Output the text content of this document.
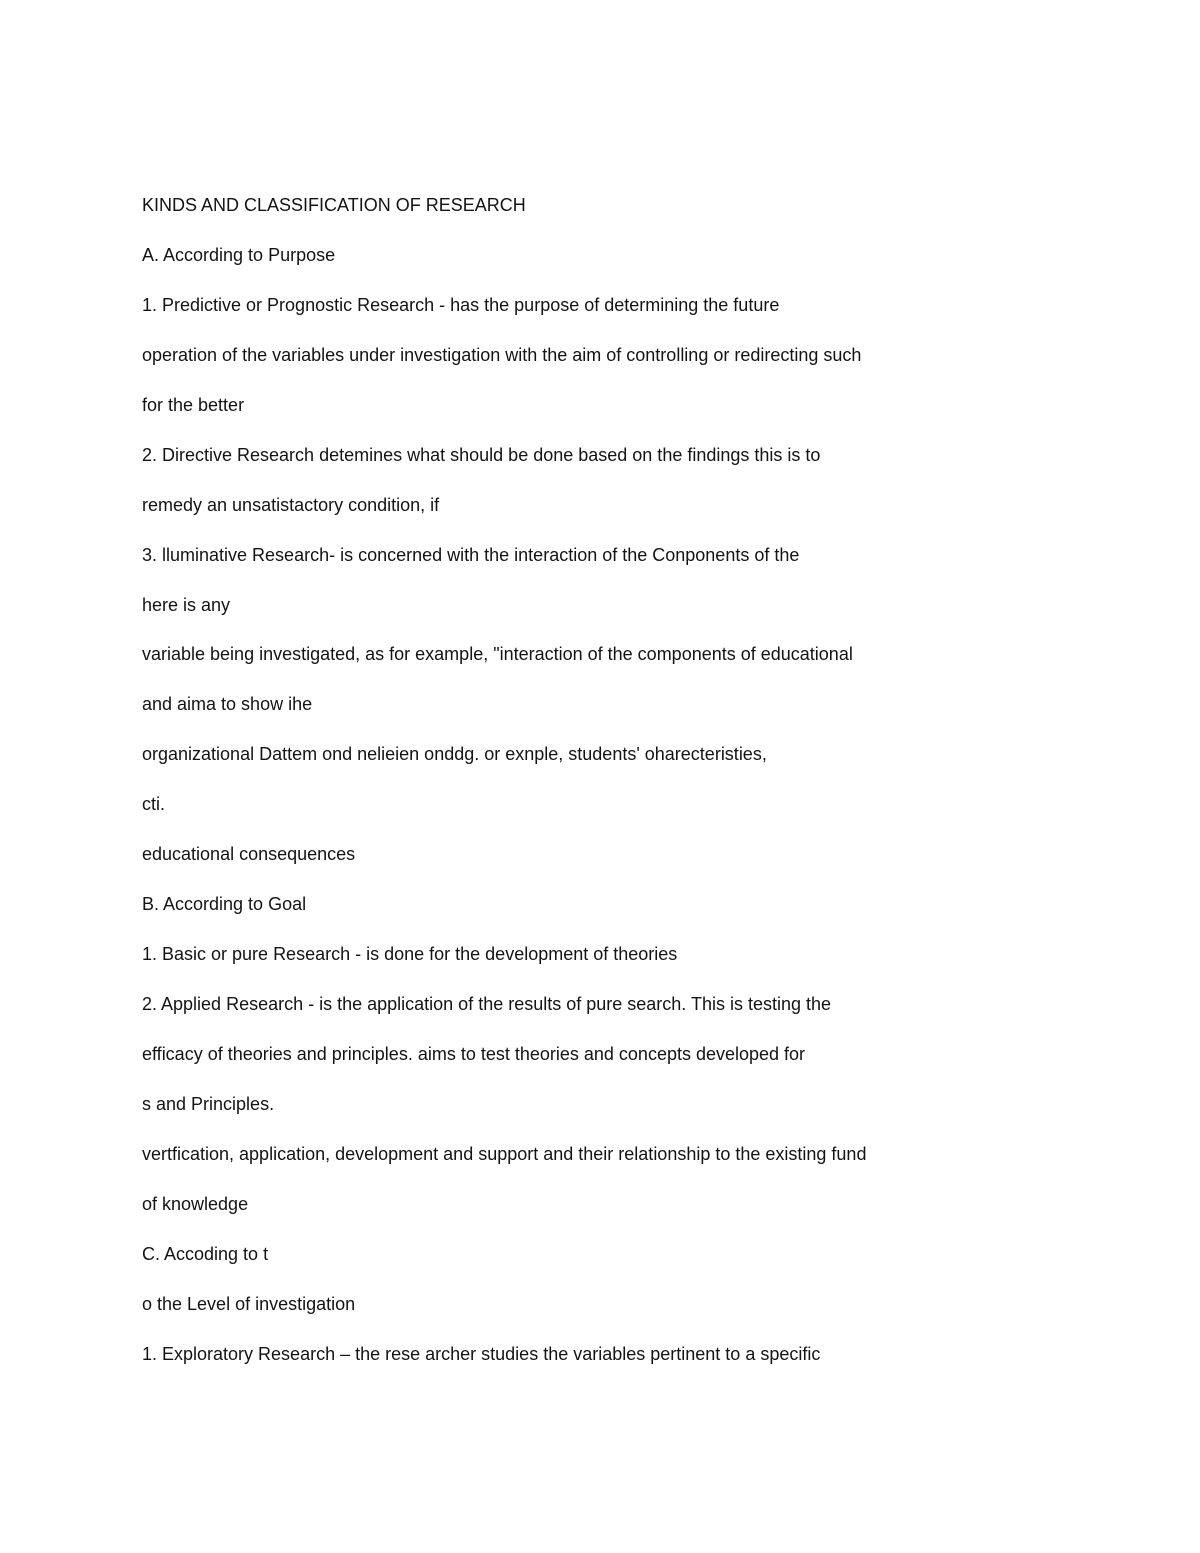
KINDS AND CLASSIFICATION OF RESEARCH

A. According to Purpose

1. Predictive or Prognostic Research - has the purpose of determining the future

operation of the variables under investigation with the aim of controlling or redirecting such

for the better

2. Directive Research detemines what should be done based on the findings this is to

remedy an unsatistactory condition, if

3. lluminative Research- is concerned with the interaction of the Conponents of the

here is any

variable being investigated, as for example, "interaction of the components of educational

and aima to show ihe

organizational Dattem ond nelieien onddg. or exnple, students' oharecteristies,

cti.

educational consequences

B. According to Goal

1. Basic or pure Research - is done for the development of theories

2. Applied Research - is the application of the results of pure search. This is testing the

efficacy of theories and principles. aims to test theories and concepts developed for

s and Principles.

vertfication, application, development and support and their relationship to the existing fund

of knowledge

C. Accoding to t

o the Level of investigation

1. Exploratory Research – the rese archer studies the variables pertinent to a specific
